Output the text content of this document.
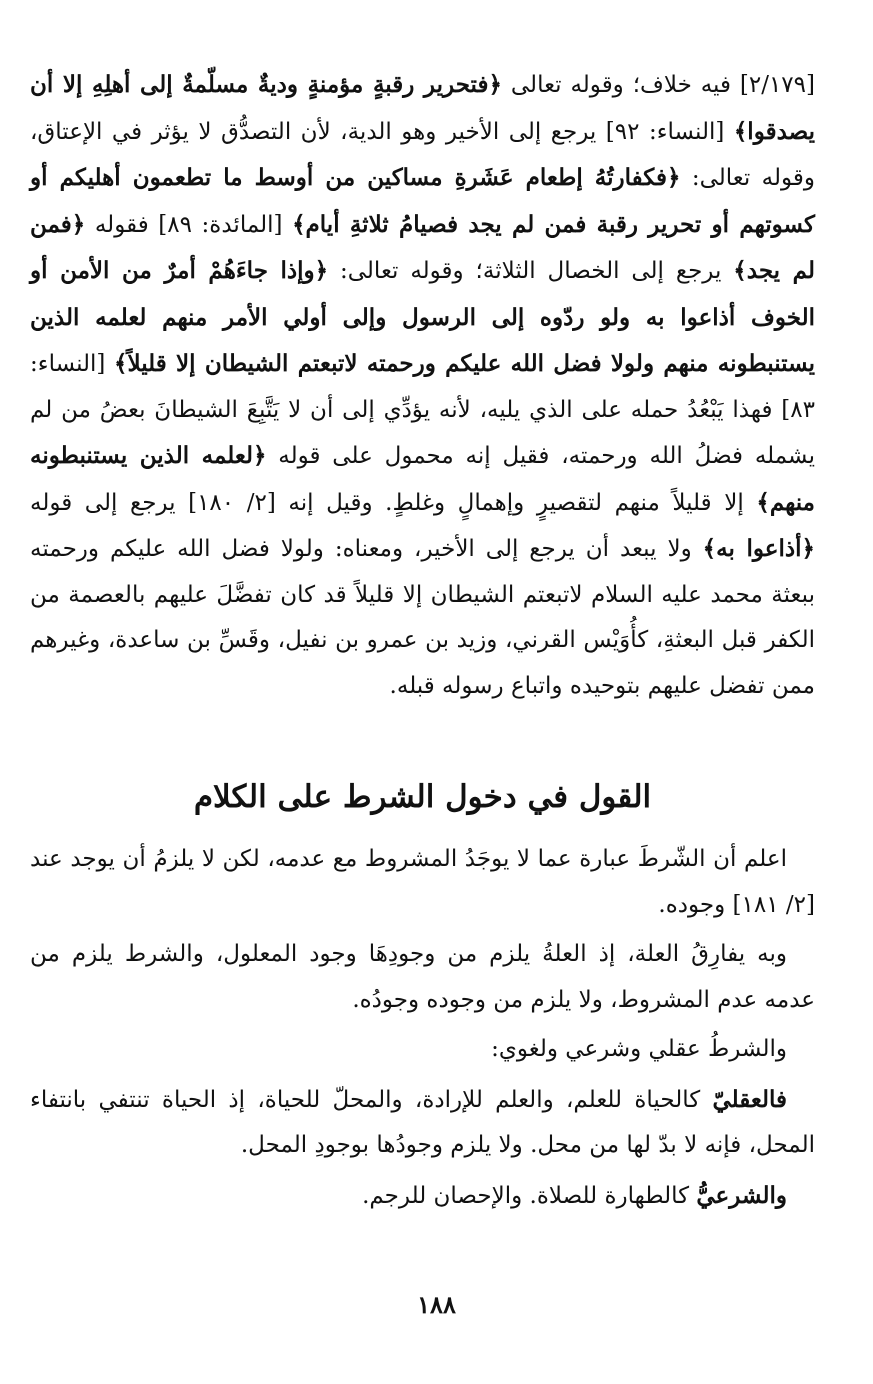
[٢/١٧٩] فيه خلاف؛ وقوله تعالى ﴿فتحرير رقبةٍ مؤمنةٍ وديةٌ مسلّمةٌ إلى أهلِهِ إلا أن يصدقوا﴾ [النساء: ٩٢] يرجع إلى الأخير وهو الدية، لأن التصدُّق لا يؤثر في الإعتاق، وقوله تعالى: ﴿فكفارتُهُ إطعام عَشَرةِ مساكين من أوسط ما تطعمون أهليكم أو كسوتهم أو تحرير رقبة فمن لم يجد فصيامُ ثلاثةِ أيام﴾ [المائدة: ٨٩] فقوله ﴿فمن لم يجد﴾ يرجع إلى الخصال الثلاثة؛ وقوله تعالى: ﴿وإذا جاءَهُمْ أمرٌ من الأمن أو الخوف أذاعوا به ولو ردّوه إلى الرسول وإلى أولي الأمر منهم لعلمه الذين يستنبطونه منهم ولولا فضل الله عليكم ورحمته لاتبعتم الشيطان إلا قليلاً﴾ [النساء: ٨٣] فهذا يَبْعُدُ حمله على الذي يليه، لأنه يؤدِّي إلى أن لا يَتَّبِعَ الشيطانَ بعضُ من لم يشمله فضلُ الله ورحمته، فقيل إنه محمول على قوله ﴿لعلمه الذين يستنبطونه منهم﴾ إلا قليلاً منهم لتقصيرٍ وإهمالٍ وغلطٍ. وقيل إنه [٢/ ١٨٠] يرجع إلى قوله ﴿أذاعوا به﴾ ولا يبعد أن يرجع إلى الأخير، ومعناه: ولولا فضل الله عليكم ورحمته ببعثة محمد عليه السلام لاتبعتم الشيطان إلا قليلاً قد كان تفضَّلَ عليهم بالعصمة من الكفر قبل البعثةِ، كأُوَيْس القرني، وزيد بن عمرو بن نفيل، وقَسِّ بن ساعدة، وغيرهم ممن تفضل عليهم بتوحيده واتباع رسوله قبله.

القول في دخول الشرط على الكلام

اعلم أن الشّرطَ عبارة عما لا يوجَدُ المشروط مع عدمه، لكن لا يلزمُ أن يوجد عند [٢/ ١٨١] وجوده.

وبه يفارِقُ العلة، إذ العلةُ يلزم من وجودِهَا وجود المعلول، والشرط يلزم من عدمه عدم المشروط، ولا يلزم من وجوده وجودُه.

والشرطُ عقلي وشرعي ولغوي:

فالعقليّ كالحياة للعلم، والعلم للإرادة، والمحلّ للحياة، إذ الحياة تنتفي بانتفاء المحل، فإنه لا بدّ لها من محل. ولا يلزم وجودُها بوجودِ المحل.

والشرعيُّ كالطهارة للصلاة. والإحصان للرجم.

١٨٨
